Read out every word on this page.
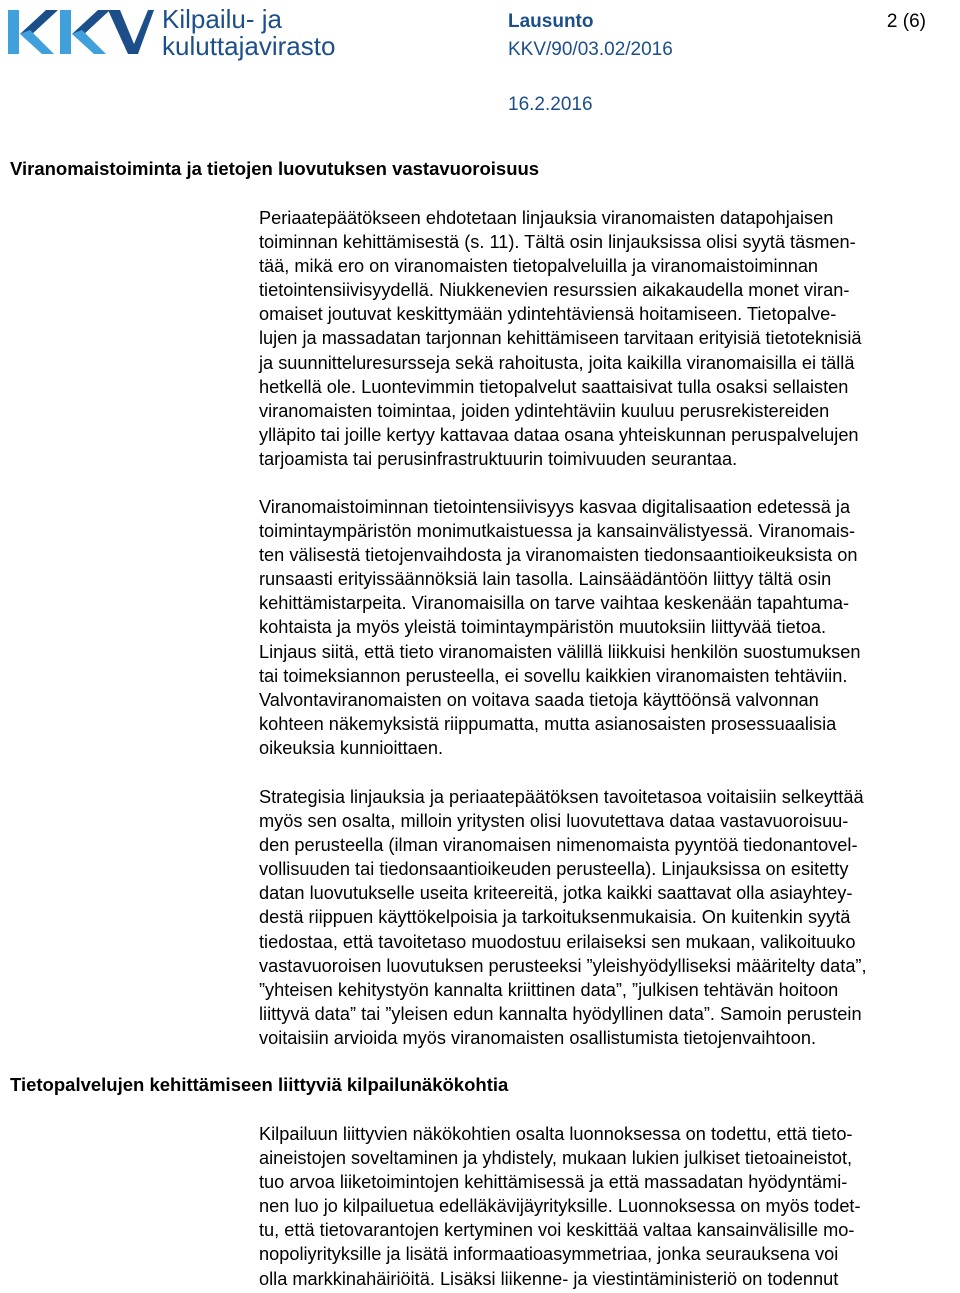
Kilpailu- ja
kuluttajavirasto
Lausunto
KKV/90/03.02/2016
16.2.2016
2 (6)
Viranomaistoiminta ja tietojen luovutuksen vastavuoroisuus
Periaatepäätökseen ehdotetaan linjauksia viranomaisten datapohjaisen
toiminnan kehittämisestä (s. 11). Tältä osin linjauksissa olisi syytä täsmen-
tää, mikä ero on viranomaisten tietopalveluilla ja viranomaistoiminnan
tietointensiivisyydellä. Niukkenevien resurssien aikakaudella monet viran-
omaiset joutuvat keskittymään ydintehtäviensä hoitamiseen. Tietopalve-
lujen ja massadatan tarjonnan kehittämiseen tarvitaan erityisiä tietoteknisiä
ja suunnitteluresursseja sekä rahoitusta, joita kaikilla viranomaisilla ei tällä
hetkellä ole. Luontevimmin tietopalvelut saattaisivat tulla osaksi sellaisten
viranomaisten toimintaa, joiden ydintehtäviin kuuluu perusrekistereiden
ylläpito tai joille kertyy kattavaa dataa osana yhteiskunnan peruspalvelujen
tarjoamista tai perusinfrastruktuurin toimivuuden seurantaa.
Viranomaistoiminnan tietointensiivisyys kasvaa digitalisaation edetessä ja
toimintaympäristön monimutkaistuessa ja kansainvälistyessä. Viranomais-
ten välisestä tietojenvaihdosta ja viranomaisten tiedonsaantioikeuksista on
runsaasti erityissäännöksiä lain tasolla. Lainsäädäntöön liittyy tältä osin
kehittämistarpeita. Viranomaisilla on tarve vaihtaa keskenään tapahtuma-
kohtaista ja myös yleistä toimintaympäristön muutoksiin liittyvää tietoa.
Linjaus siitä, että tieto viranomaisten välillä liikkuisi henkilön suostumuksen
tai toimeksiannon perusteella, ei sovellu kaikkien viranomaisten tehtäviin.
Valvontaviranomaisten on voitava saada tietoja käyttöönsä valvonnan
kohteen näkemyksistä riippumatta, mutta asianosaisten prosessuaalisia
oikeuksia kunnioittaen.
Strategisia linjauksia ja periaatepäätöksen tavoitetasoa voitaisiin selkeyttää
myös sen osalta, milloin yritysten olisi luovutettava dataa vastavuoroisuu-
den perusteella (ilman viranomaisen nimenomaista pyyntöä tiedonantovel-
vollisuuden tai tiedonsaantioikeuden perusteella). Linjauksissa on esitetty
datan luovutukselle useita kriteereitä, jotka kaikki saattavat olla asiayhtey-
destä riippuen käyttökelpoisia ja tarkoituksenmukaisia. On kuitenkin syytä
tiedostaa, että tavoitetaso muodostuu erilaiseksi sen mukaan, valikoituuko
vastavuoroisen luovutuksen perusteeksi ”yleishyödylliseksi määritelty data”,
”yhteisen kehitystyön kannalta kriittinen data”, ”julkisen tehtävän hoitoon
liittyvä data” tai ”yleisen edun kannalta hyödyllinen data”. Samoin perustein
voitaisiin arvioida myös viranomaisten osallistumista tietojenvaihtoon.
Tietopalvelujen kehittämiseen liittyviä kilpailunäkökohtia
Kilpailuun liittyvien näkökohtien osalta luonnoksessa on todettu, että tieto-
aineistojen soveltaminen ja yhdistely, mukaan lukien julkiset tietoaineistot,
tuo arvoa liiketoimintojen kehittämisessä ja että massadatan hyödyntämi-
nen luo jo kilpailuetua edelläkävijäyrityksille. Luonnoksessa on myös todet-
tu, että tietovarantojen kertyminen voi keskittää valtaa kansainvälisille mo-
nopoliyrityksille ja lisätä informaatioasymmetriaa, jonka seurauksena voi
olla markkinahäiriöitä. Lisäksi liikenne- ja viestintäministeriö on todennut
